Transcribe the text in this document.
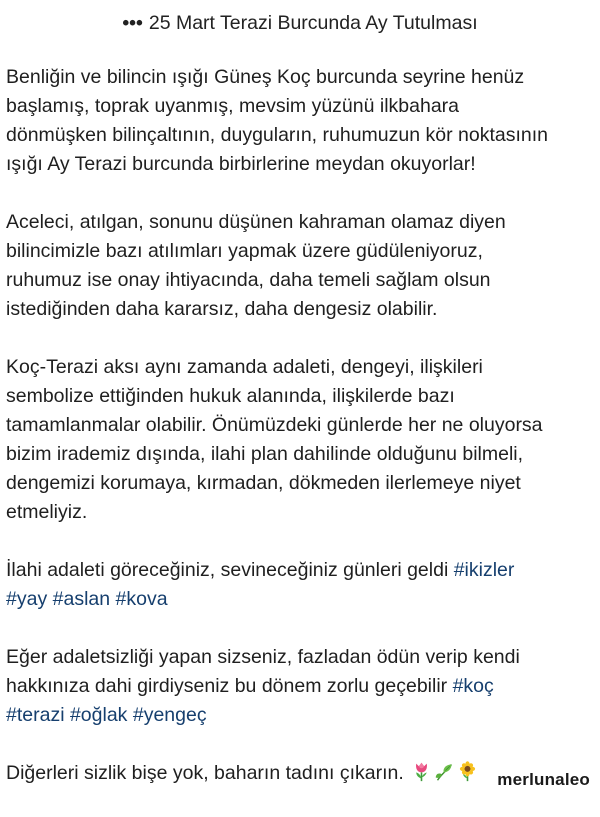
••• 25 Mart Terazi Burcunda Ay Tutulması

Benliğin ve bilincin ışığı Güneş Koç burcunda seyrine henüz
başlamış, toprak uyanmış, mevsim yüzünü ilkbahara
dönmüşken bilinçaltının, duyguların, ruhumuzun kör noktasının
ışığı Ay Terazi burcunda birbirlerine meydan okuyorlar!

Aceleci, atılgan, sonunu düşünen kahraman olamaz diyen
bilincimizle bazı atılımları yapmak üzere güdüleniyoruz,
ruhumuz ise onay ihtiyacında, daha temeli sağlam olsun
istediğinden daha kararsız, daha dengesiz olabilir.

Koç-Terazi aksı aynı zamanda adaleti, dengeyi, ilişkileri
sembolize ettiğinden hukuk alanında, ilişkilerde bazı
tamamlanmalar olabilir. Önümüzdeki günlerde her ne oluyorsa
bizim irademiz dışında, ilahi plan dahilinde olduğunu bilmeli,
dengemizi korumaya, kırmadan, dökmeden ilerlemeye niyet
etmeliyiz.

İlahi adaleti göreceğiniz, sevineceğiniz günleri geldi #ikizler
#yay #aslan #kova

Eğer adaletsizliği yapan sizseniz, fazladan ödün verip kendi
hakkınıza dahi girdiyseniz bu dönem zorlu geçebilir #koç
#terazi #oğlak #yengeç

Diğerleri sizlik bişe yok, baharın tadını çıkarın.	merlunaleo
